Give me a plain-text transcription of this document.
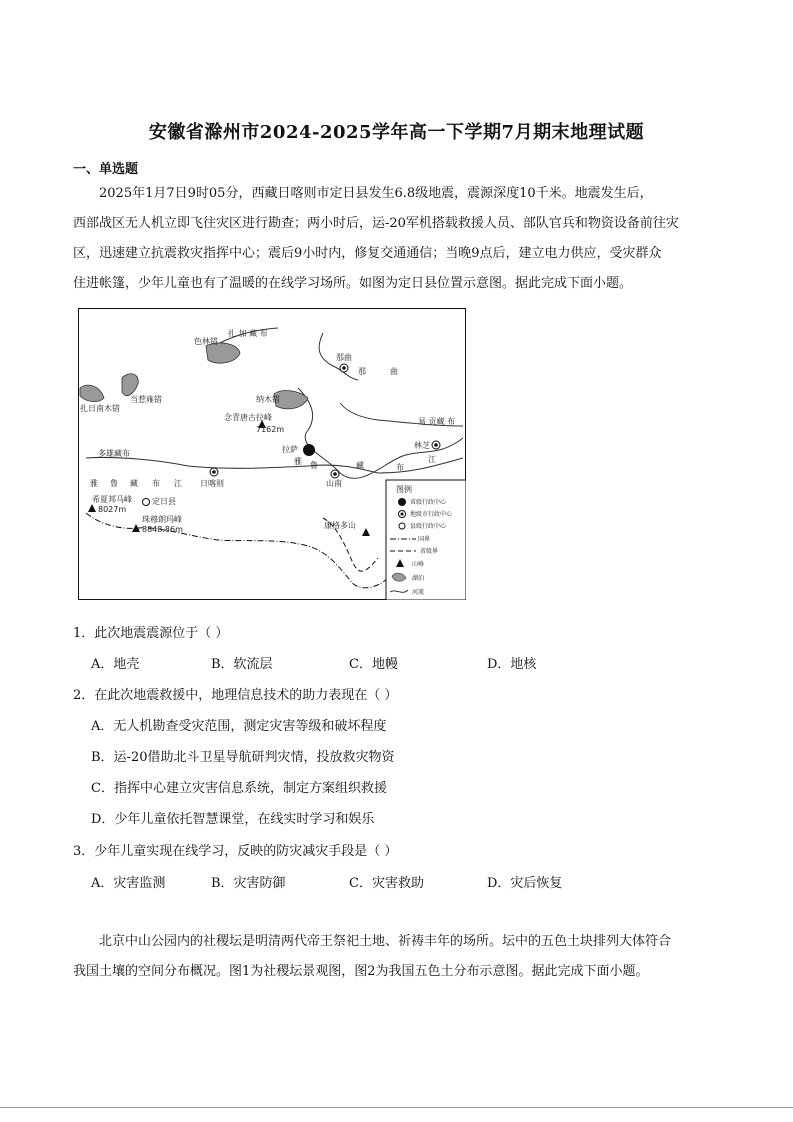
安徽省滁州市2024-2025学年高一下学期7月期末地理试题
一、单选题

2025年1月7日9时05分，西藏日喀则市定日县发生6.8级地震，震源深度10千米。地震发生后，

西部战区无人机立即飞往灾区进行勘查；两小时后，运-20军机搭载救援人员、部队官兵和物资设备前往灾

区，迅速建立抗震救灾指挥中心；震后9小时内，修复交通通信；当晚9点后，建立电力供应，受灾群众

住进帐篷，少年儿童也有了温暖的在线学习场所。如图为定日县位置示意图。据此完成下面小题。

扎 加 藏 布
色林错
那曲
那	曲
当惹雍错
扎日南木错
纳木错
念青唐古拉峰
7162m
拉萨
易 贡藏 布
林芝
江
多雄藏布
雅 鲁	藏	布
雅 鲁 藏 布 江 日喀则	山南
希夏邦马峰
8027m
定日县
珠穆朗玛峰
8848.86m	康格多山
图例
省级行政中心
地级市行政中心
县级行政中心
国界
省级界
山峰
湖泊
河流
1．此次地震震源位于（ ）
A．地壳	B．软流层	C．地幔	D．地核
2．在此次地震救援中，地理信息技术的助力表现在（ ）
A．无人机勘查受灾范围，测定灾害等级和破坏程度
B．运-20借助北斗卫星导航研判灾情，投放救灾物资
C．指挥中心建立灾害信息系统，制定方案组织救援
D．少年儿童依托智慧课堂，在线实时学习和娱乐
3．少年儿童实现在线学习，反映的防灾减灾手段是（ ）
A．灾害监测	B．灾害防御	C．灾害救助	D．灾后恢复

北京中山公园内的社稷坛是明清两代帝王祭祀土地、祈祷丰年的场所。坛中的五色土块排列大体符合

我国土壤的空间分布概况。图1为社稷坛景观图，图2为我国五色土分布示意图。据此完成下面小题。
